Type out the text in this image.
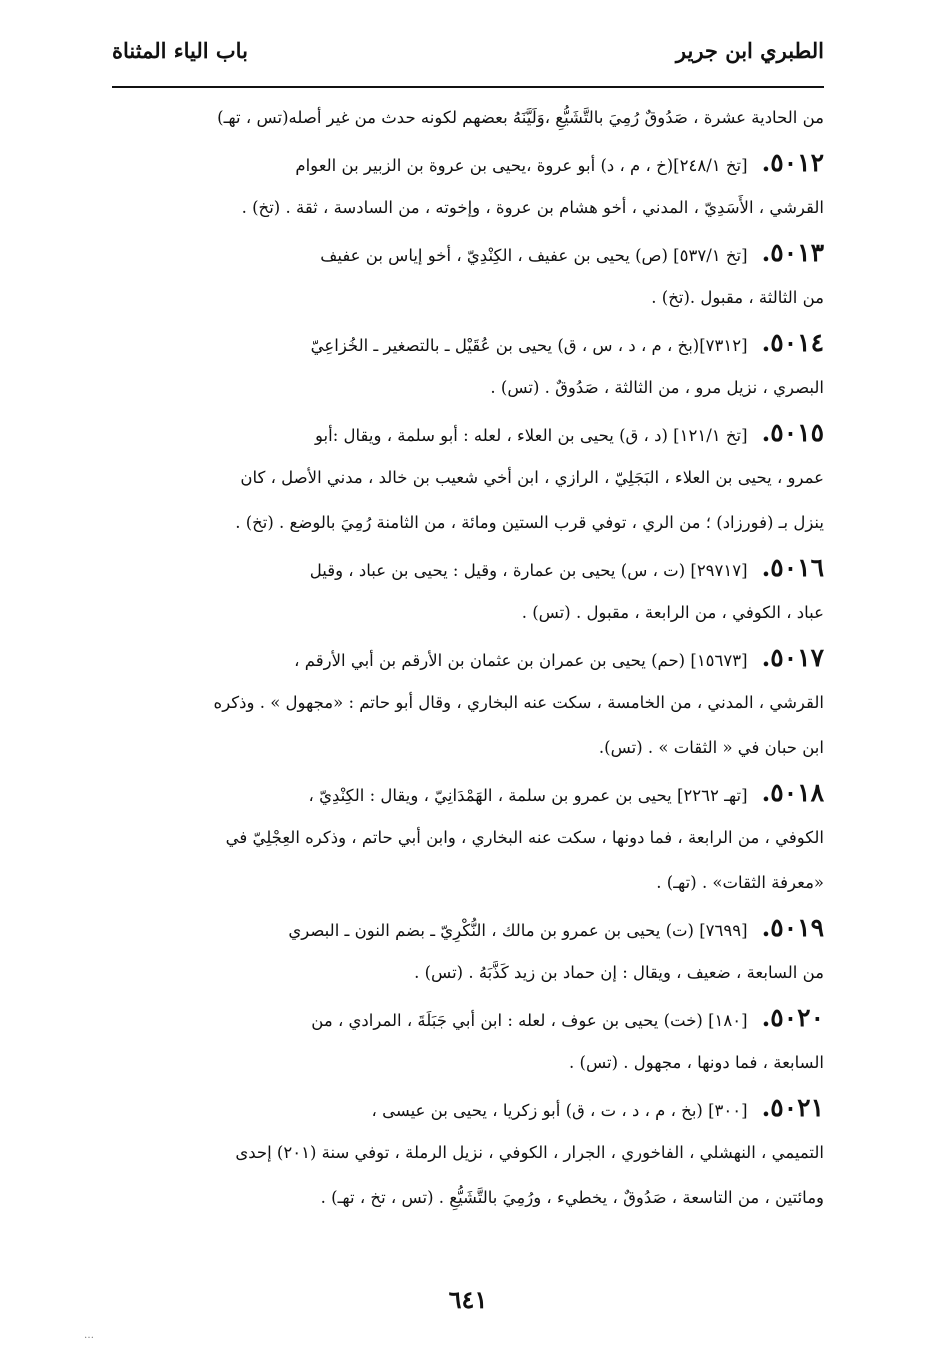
الطبري ابن جرير
باب الياء المثناة
من الحادية عشرة ، صَدُوقٌ رُمِيَ بالتَّشَيُّعِ ،وَلَيَّنَهُ بعضهم لكونه حدث من غير أصله(تس ، تهـ)
٥٠١٢.[تخ ٢٤٨/١](خ ، م ، د) أبو عروة ،يحيى بن عروة بن الزبير بن العوام
القرشي ، الأَسَدِيّ ، المدني ، أخو هشام بن عروة ، وإخوته ، من السادسة ، ثقة . (تخ) .
٥٠١٣.[تخ ٥٣٧/١] (ص) يحيى بن عفيف ، الكِنْدِيّ ، أخو إياس بن عفيف
من الثالثة ، مقبول .(تخ) .
٥٠١٤.[٧٣١٢](بخ ، م ، د ، س ، ق) يحيى بن عُقَيْل ـ بالتصغير ـ الخُزاعِيّ
البصري ، نزيل مرو ، من الثالثة ، صَدُوقٌ . (تس) .
٥٠١٥.[تخ ١٢١/١] (د ، ق) يحيى بن العلاء ، لعله : أبو سلمة ، ويقال :أبو
عمرو ، يحيى بن العلاء ، البَجَلِيّ ، الرازي ، ابن أخي شعيب بن خالد ، مدني الأصل ، كان
ينزل بـ (فورزاد) ؛ من الري ، توفي قرب الستين ومائة ، من الثامنة رُمِيَ بالوضع . (تخ) .
٥٠١٦.[٢٩٧١٧] (ت ، س) يحيى بن عمارة ، وقيل : يحيى بن عباد ، وقيل
عباد ، الكوفي ، من الرابعة ، مقبول . (تس) .
٥٠١٧.[١٥٦٧٣] (حم) يحيى بن عمران بن عثمان بن الأرقم بن أبي الأرقم ،
القرشي ، المدني ، من الخامسة ، سكت عنه البخاري ، وقال أبو حاتم : «مجهول » . وذكره
ابن حبان في « الثقات » . (تس).
٥٠١٨.[تهـ ٢٢٦٢] يحيى بن عمرو بن سلمة ، الهَمْدَانِيّ ، ويقال : الكِنْدِيّ ،
الكوفي ، من الرابعة ، فما دونها ، سكت عنه البخاري ، وابن أبي حاتم ، وذكره العِجْلِيّ في
«معرفة الثقات» . (تهـ) .
٥٠١٩.[٧٦٩٩] (ت) يحيى بن عمرو بن مالك ، النُّكْرِيّ ـ بضم النون ـ البصري
من السابعة ، ضعيف ، ويقال : إن حماد بن زيد كَذَّبَهُ . (تس) .
٥٠٢٠.[١٨٠] (خت) يحيى بن عوف ، لعله : ابن أبي جَبَلَةَ ، المرادي ، من
السابعة ، فما دونها ، مجهول . (تس) .
٥٠٢١.[٣٠٠] (بخ ، م ، د ، ت ، ق) أبو زكريا ، يحيى بن عيسى ،
التميمي ، النهشلي ، الفاخوري ، الجرار ، الكوفي ، نزيل الرملة ، توفي سنة (٢٠١) إحدى
ومائتين ، من التاسعة ، صَدُوقٌ ، يخطيء ، ورُمِيَ بالتَّشَيُّعِ . (تس ، تخ ، تهـ) .
٦٤١
…
